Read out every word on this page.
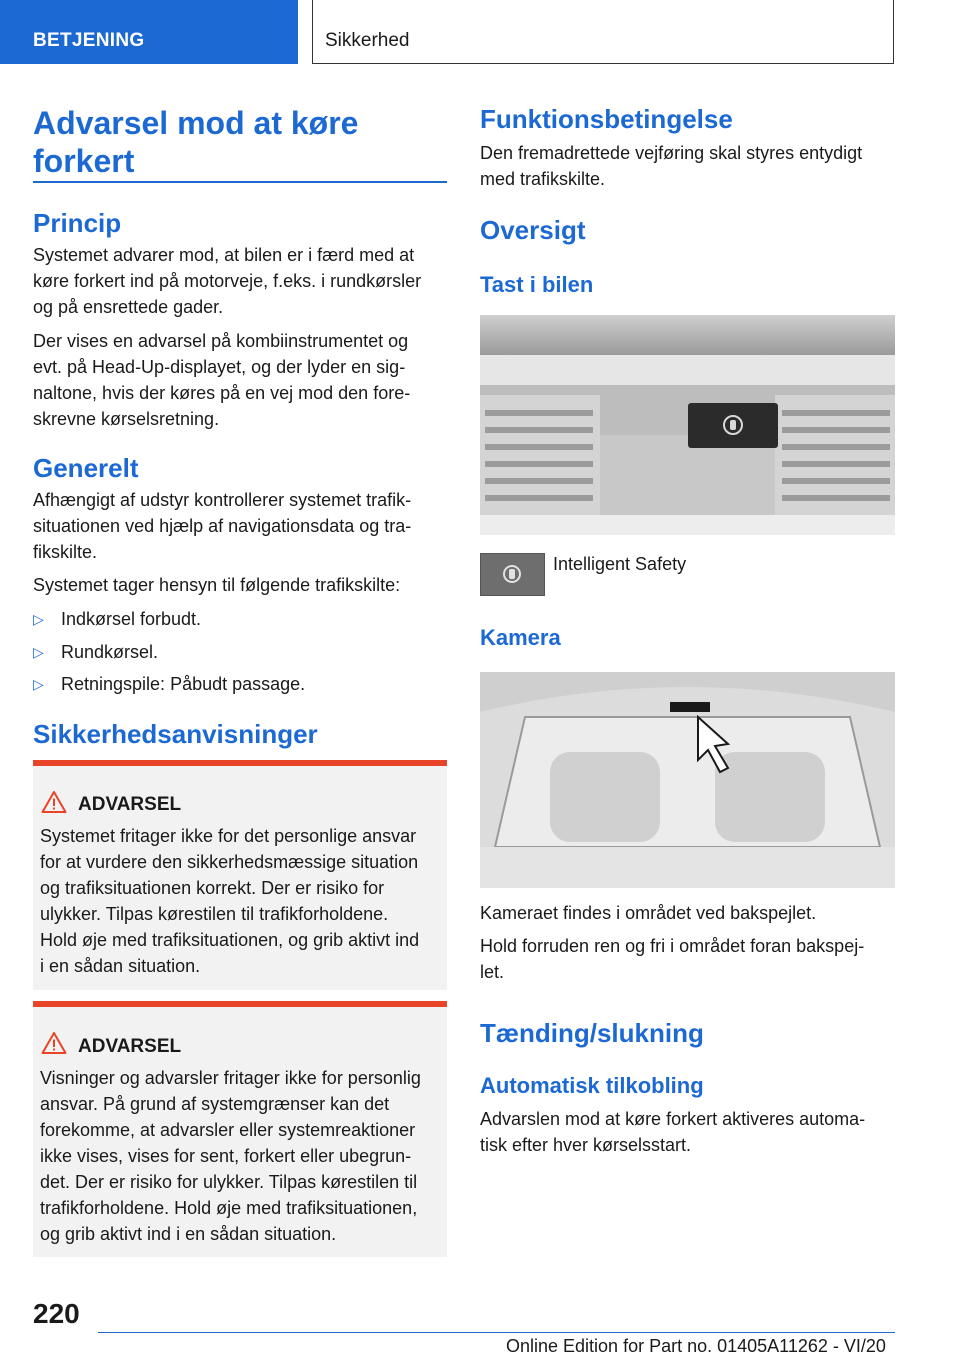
BETJENING	Sikkerhed
Advarsel mod at køre
forkert
Princip

Systemet advarer mod, at bilen er i færd med at

køre forkert ind på motorveje, f.eks. i rundkørsler

og på ensrettede gader.

Der vises en advarsel på kombiinstrumentet og

evt. på Head-Up-displayet, og der lyder en sig-

naltone, hvis der køres på en vej mod den fore-

skrevne kørselsretning.

Generelt

Afhængigt af udstyr kontrollerer systemet trafik-

situationen ved hjælp af navigationsdata og tra-

fikskilte.

Systemet tager hensyn til følgende trafikskilte:

▷ Indkørsel forbudt.
▷ Rundkørsel.
▷ Retningspile: Påbudt passage.
Sikkerhedsanvisninger
ADVARSEL
Systemet fritager ikke for det personlige ansvar
for at vurdere den sikkerhedsmæssige situation
og trafiksituationen korrekt. Der er risiko for
ulykker. Tilpas kørestilen til trafikforholdene.
Hold øje med trafiksituationen, og grib aktivt ind
i en sådan situation.
ADVARSEL
Visninger og advarsler fritager ikke for personlig
ansvar. På grund af systemgrænser kan det
forekomme, at advarsler eller systemreaktioner
ikke vises, vises for sent, forkert eller ubegrun-
det. Der er risiko for ulykker. Tilpas kørestilen til
trafikforholdene. Hold øje med trafiksituationen,
og grib aktivt ind i en sådan situation.
Funktionsbetingelse

Den fremadrettede vejføring skal styres entydigt

med trafikskilte.

Oversigt
Tast i bilen

Intelligent Safety

Kamera

Kameraet findes i området ved bakspejlet.

Hold forruden ren og fri i området foran bakspej-

let.

Tænding/slukning
Automatisk tilkobling

Advarslen mod at køre forkert aktiveres automa-

tisk efter hver kørselsstart.

220
Online Edition for Part no. 01405A11262 - VI/20
